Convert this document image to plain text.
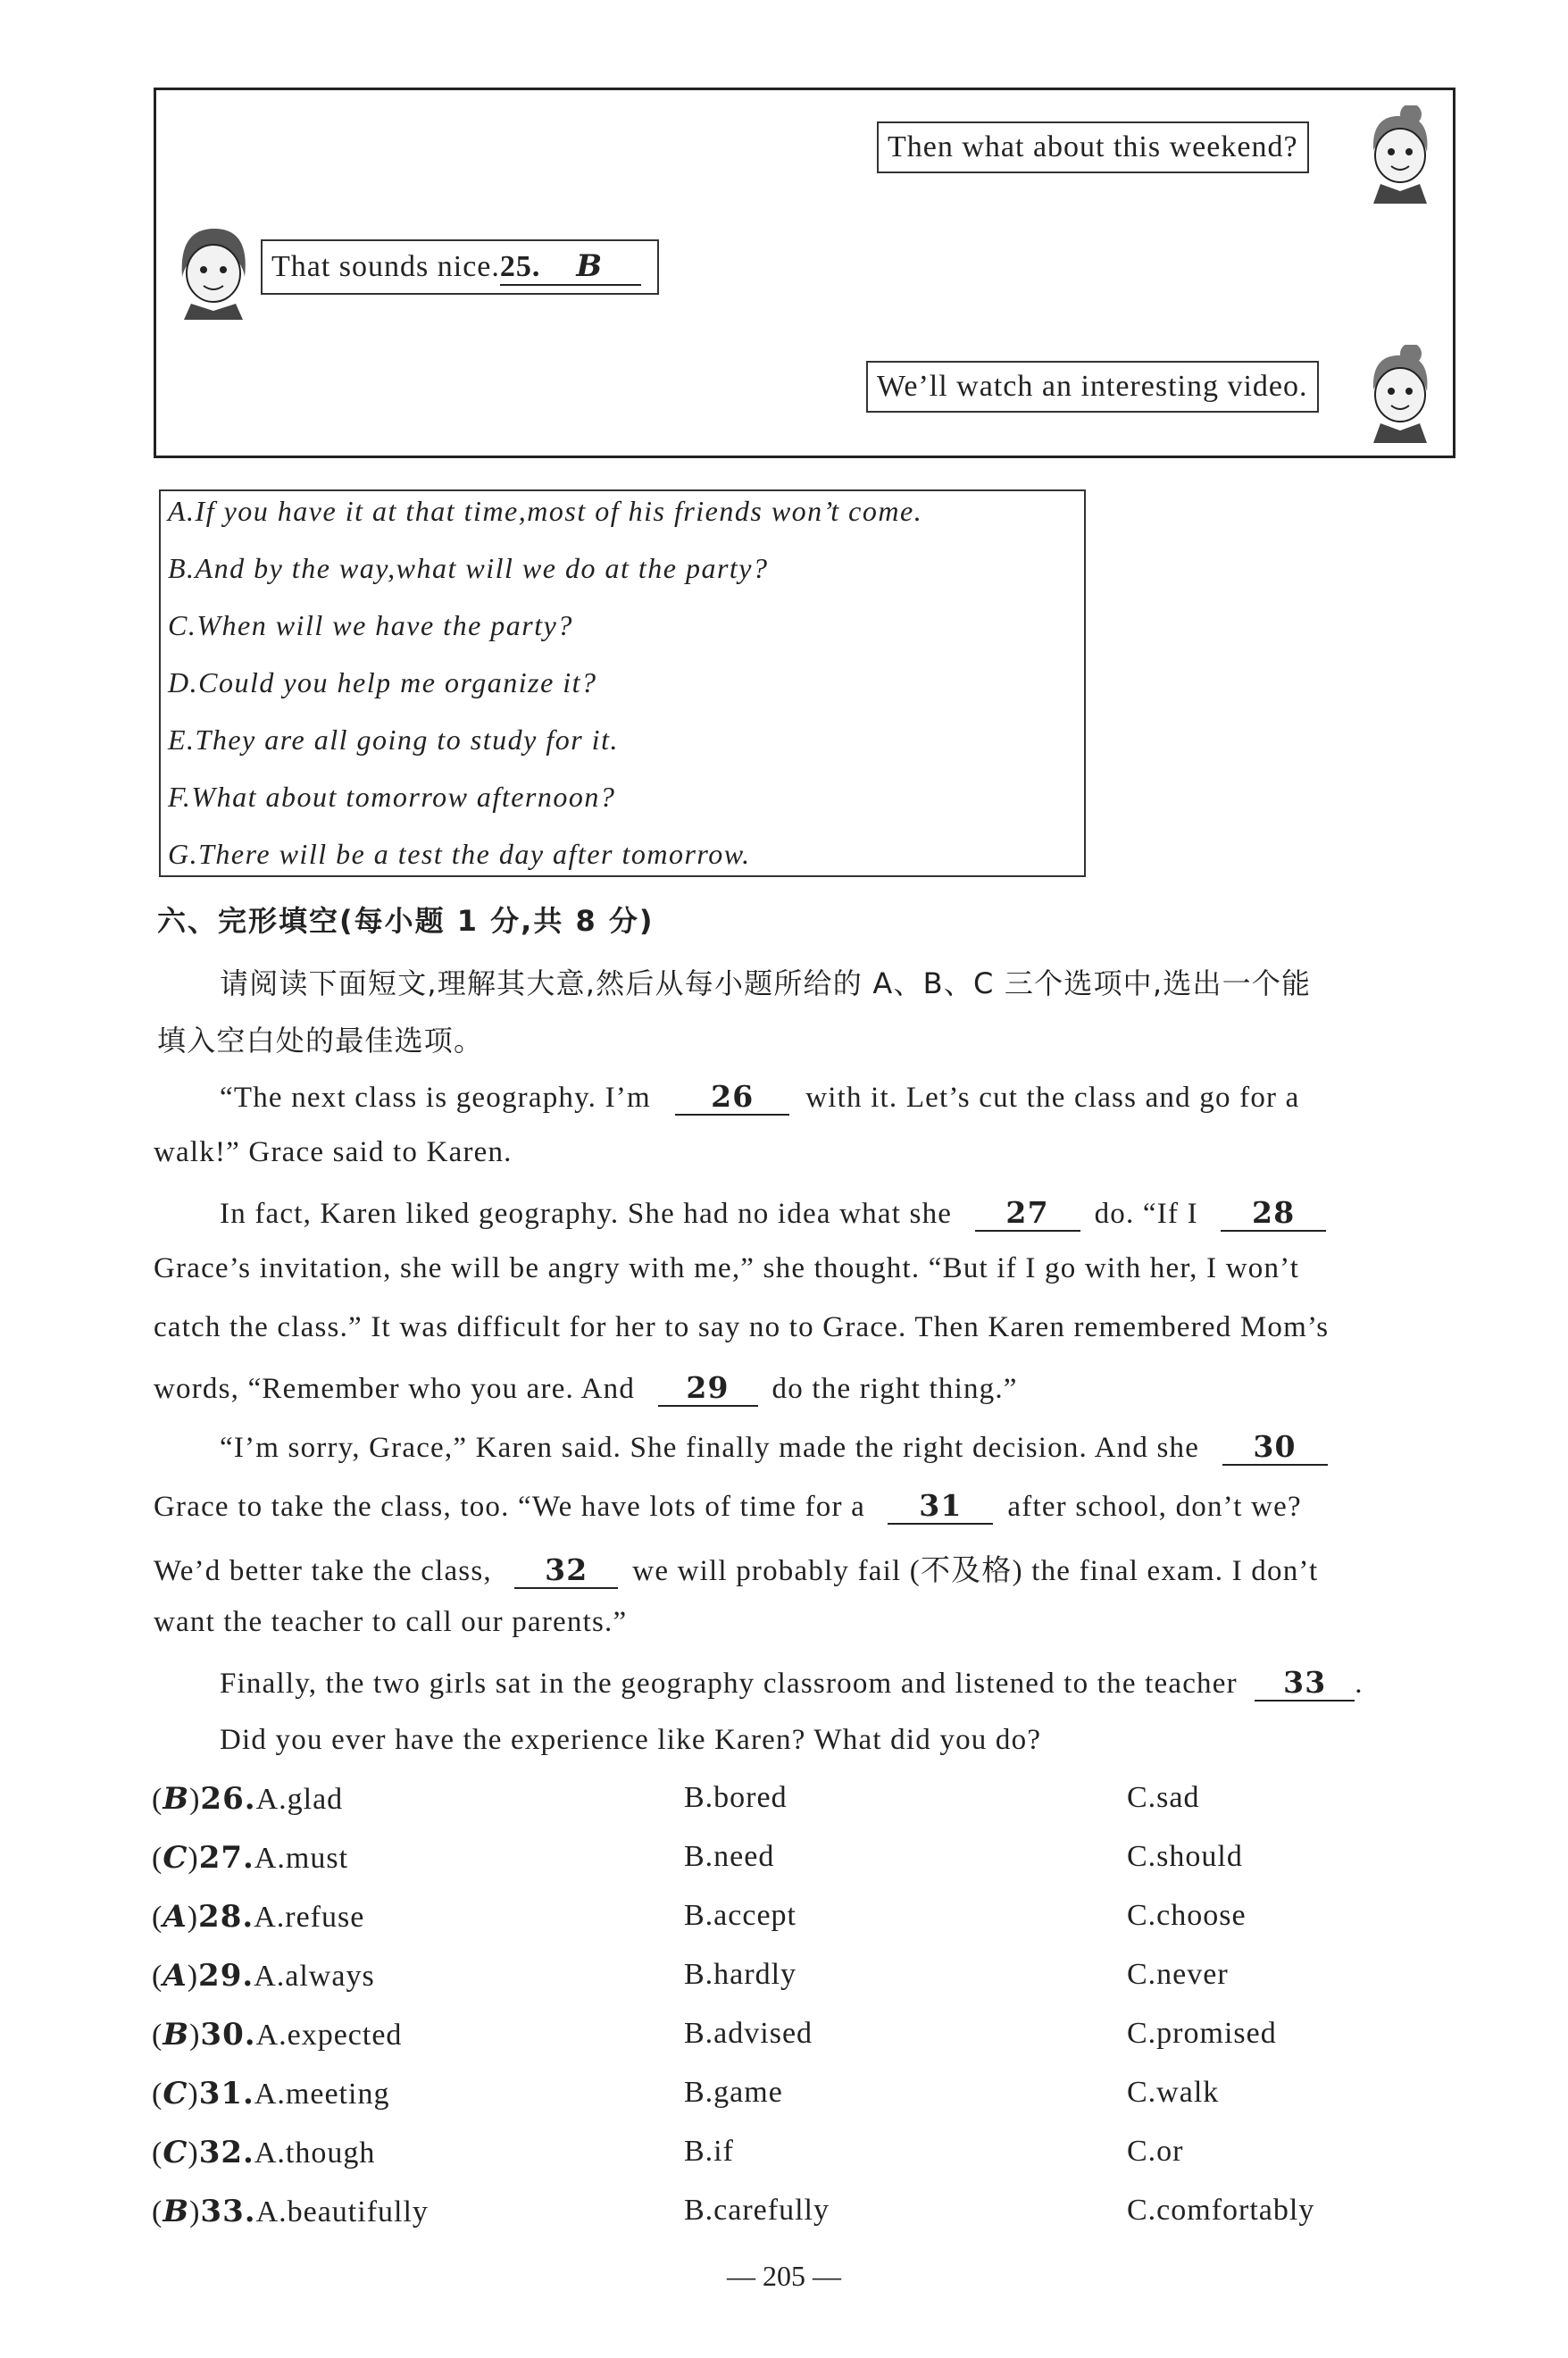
Then what about this weekend?
That sounds nice.25. B
We’ll watch an interesting video.
A.If you have it at that time,most of his friends won’t come.
B.And by the way,what will we do at the party?
C.When will we have the party?
D.Could you help me organize it?
E.They are all going to study for it.
F.What about tomorrow afternoon?
G.There will be a test the day after tomorrow.
六、完形填空(每小题 1 分,共 8 分)
请阅读下面短文,理解其大意,然后从每小题所给的 A、B、C 三个选项中,选出一个能
填入空白处的最佳选项。
“The next class is geography. I’m 26 with it. Let’s cut the class and go for a
walk!” Grace said to Karen.
In fact, Karen liked geography. She had no idea what she 27 do. “If I 28
Grace’s invitation, she will be angry with me,” she thought. “But if I go with her, I won’t
catch the class.” It was difficult for her to say no to Grace. Then Karen remembered Mom’s
words, “Remember who you are. And 29 do the right thing.”
“I’m sorry, Grace,” Karen said. She finally made the right decision. And she 30
Grace to take the class, too. “We have lots of time for a 31 after school, don’t we?
We’d better take the class, 32 we will probably fail (不及格) the final exam. I don’t
want the teacher to call our parents.”
Finally, the two girls sat in the geography classroom and listened to the teacher 33 .
Did you ever have the experience like Karen? What did you do?
(B)26.A.glad	B.bored	C.sad
(C)27.A.must	B.need	C.should
(A)28.A.refuse	B.accept	C.choose
(A)29.A.always	B.hardly	C.never
(B)30.A.expected	B.advised	C.promised
(C)31.A.meeting	B.game	C.walk
(C)32.A.though	B.if	C.or
(B)33.A.beautifully	B.carefully	C.comfortably
— 205 —
